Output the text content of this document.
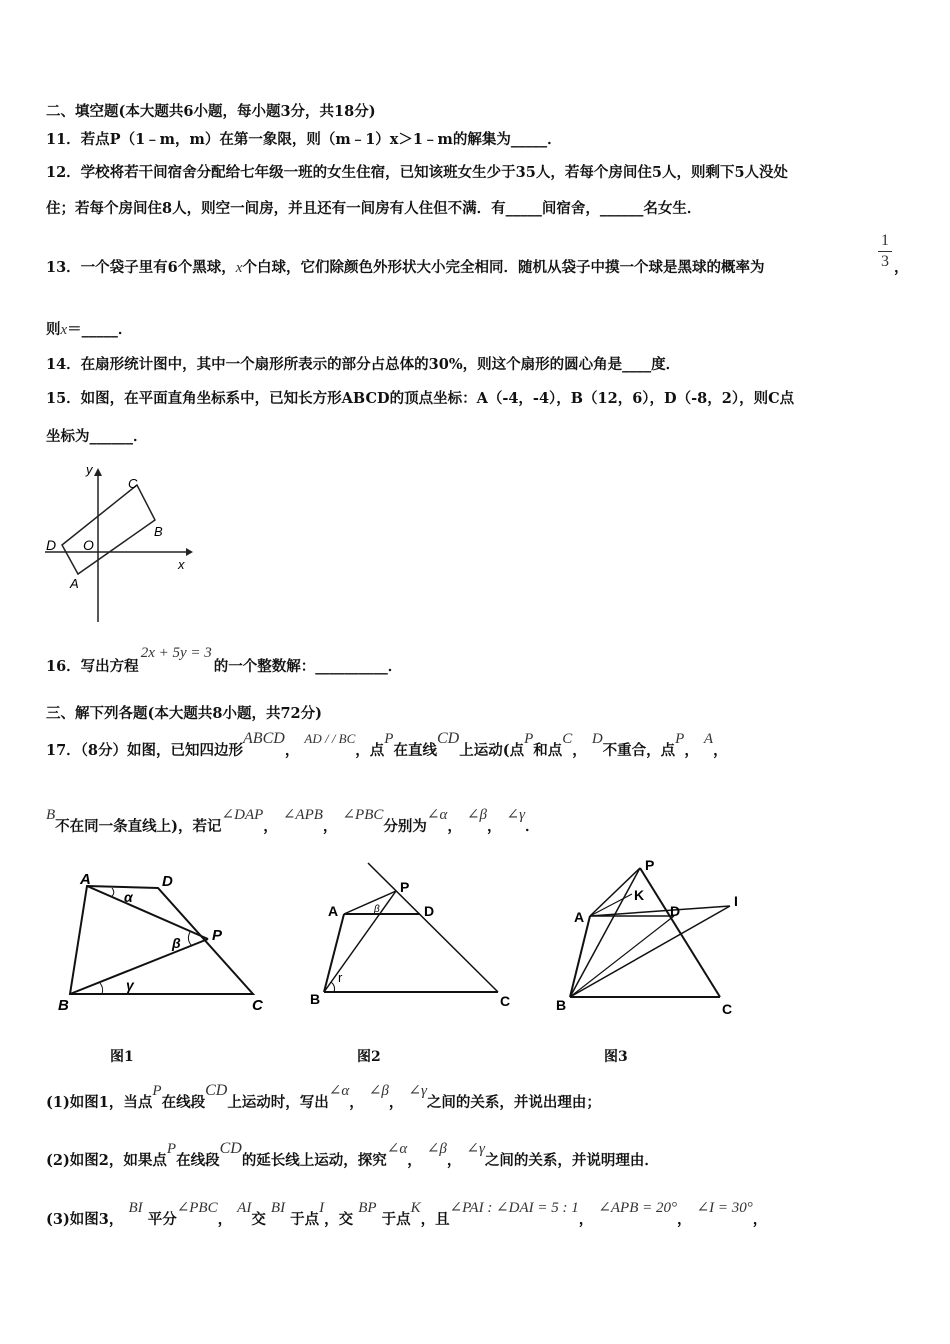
二、填空题(本大题共6小题，每小题3分，共18分)
11．若点P（1﹣m，m）在第一象限，则（m﹣1）x＞1﹣m的解集为_____．
12．学校将若干间宿舍分配给七年级一班的女生住宿，已知该班女生少于35人，若每个房间住5人，则剩下5人没处
住；若每个房间住8人，则空一间房，并且还有一间房有人住但不满．有_____间宿舍，______名女生．
13．一个袋子里有6个黑球，x个白球，它们除颜色外形状大小完全相同．随机从袋子中摸一个球是黑球的概率为
1
3 ，
则x＝_____．
14．在扇形统计图中，其中一个扇形所表示的部分占总体的30%，则这个扇形的圆心角是____度．
15．如图，在平面直角坐标系中，已知长方形ABCD的顶点坐标：A（-4，-4），B（12，6），D（-8，2），则C点
坐标为______．
y
x
O
A
B
C
D
16．写出方程2x + 5y = 3的一个整数解：__________．
三、解下列各题(本大题共8小题，共72分)
17．（8分）如图，已知四边形ABCD， AD / / BC，点P在直线CD上运动(点P和点C， D不重合，点P， A，
B不在同一条直线上)，若记∠DAP， ∠APB， ∠PBC分别为∠α， ∠β， ∠γ．
A	D
P
B	C
α
β
γ
A	D
P
B	C
β
r
P
K
A	D
I
B	C
图1	图2	图3
(1)如图1，当点P在线段CD上运动时，写出∠α， ∠β， ∠γ之间的关系，并说出理由；
(2)如图2，如果点P在线段CD的延长线上运动，探究∠α， ∠β， ∠γ之间的关系，并说明理由．
(3)如图3， BI 平分∠PBC， AI交 BI 于点I，交 BP 于点K，且∠PAI : ∠DAI = 5 : 1， ∠APB = 20°， ∠I = 30°，
